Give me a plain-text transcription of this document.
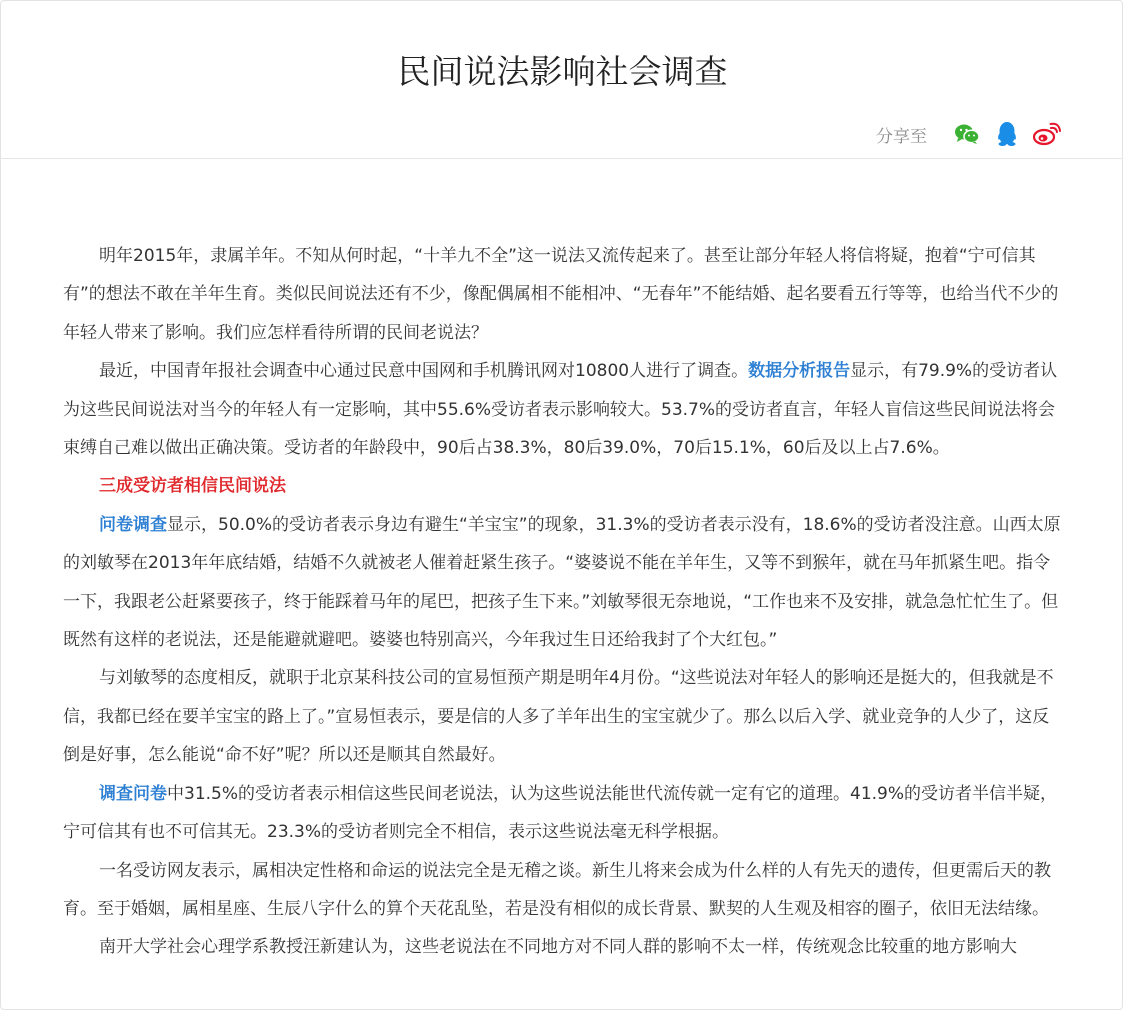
民间说法影响社会调查
分享至

明年2015年，隶属羊年。不知从何时起，“十羊九不全”这一说法又流传起来了。甚至让部分年轻人将信将疑，抱着“宁可信其有”的想法不敢在羊年生育。类似民间说法还有不少，像配偶属相不能相冲、“无春年”不能结婚、起名要看五行等等，也给当代不少的年轻人带来了影响。我们应怎样看待所谓的民间老说法？

最近，中国青年报社会调查中心通过民意中国网和手机腾讯网对10800人进行了调查。数据分析报告显示，有79.9%的受访者认为这些民间说法对当今的年轻人有一定影响，其中55.6%受访者表示影响较大。53.7%的受访者直言，年轻人盲信这些民间说法将会束缚自己难以做出正确决策。受访者的年龄段中，90后占38.3%，80后39.0%，70后15.1%，60后及以上占7.6%。

三成受访者相信民间说法

问卷调查显示，50.0%的受访者表示身边有避生“羊宝宝”的现象，31.3%的受访者表示没有，18.6%的受访者没注意。山西太原的刘敏琴在2013年年底结婚，结婚不久就被老人催着赶紧生孩子。“婆婆说不能在羊年生，又等不到猴年，就在马年抓紧生吧。指令一下，我跟老公赶紧要孩子，终于能踩着马年的尾巴，把孩子生下来。”刘敏琴很无奈地说，“工作也来不及安排，就急急忙忙生了。但既然有这样的老说法，还是能避就避吧。婆婆也特别高兴，今年我过生日还给我封了个大红包。”

与刘敏琴的态度相反，就职于北京某科技公司的宣易恒预产期是明年4月份。“这些说法对年轻人的影响还是挺大的，但我就是不信，我都已经在要羊宝宝的路上了。”宣易恒表示，要是信的人多了羊年出生的宝宝就少了。那么以后入学、就业竞争的人少了，这反倒是好事，怎么能说“命不好”呢？所以还是顺其自然最好。

调查问卷中31.5%的受访者表示相信这些民间老说法，认为这些说法能世代流传就一定有它的道理。41.9%的受访者半信半疑，宁可信其有也不可信其无。23.3%的受访者则完全不相信，表示这些说法毫无科学根据。

一名受访网友表示，属相决定性格和命运的说法完全是无稽之谈。新生儿将来会成为什么样的人有先天的遗传，但更需后天的教育。至于婚姻，属相星座、生辰八字什么的算个天花乱坠，若是没有相似的成长背景、默契的人生观及相容的圈子，依旧无法结缘。

南开大学社会心理学系教授汪新建认为，这些老说法在不同地方对不同人群的影响不太一样，传统观念比较重的地方影响大
